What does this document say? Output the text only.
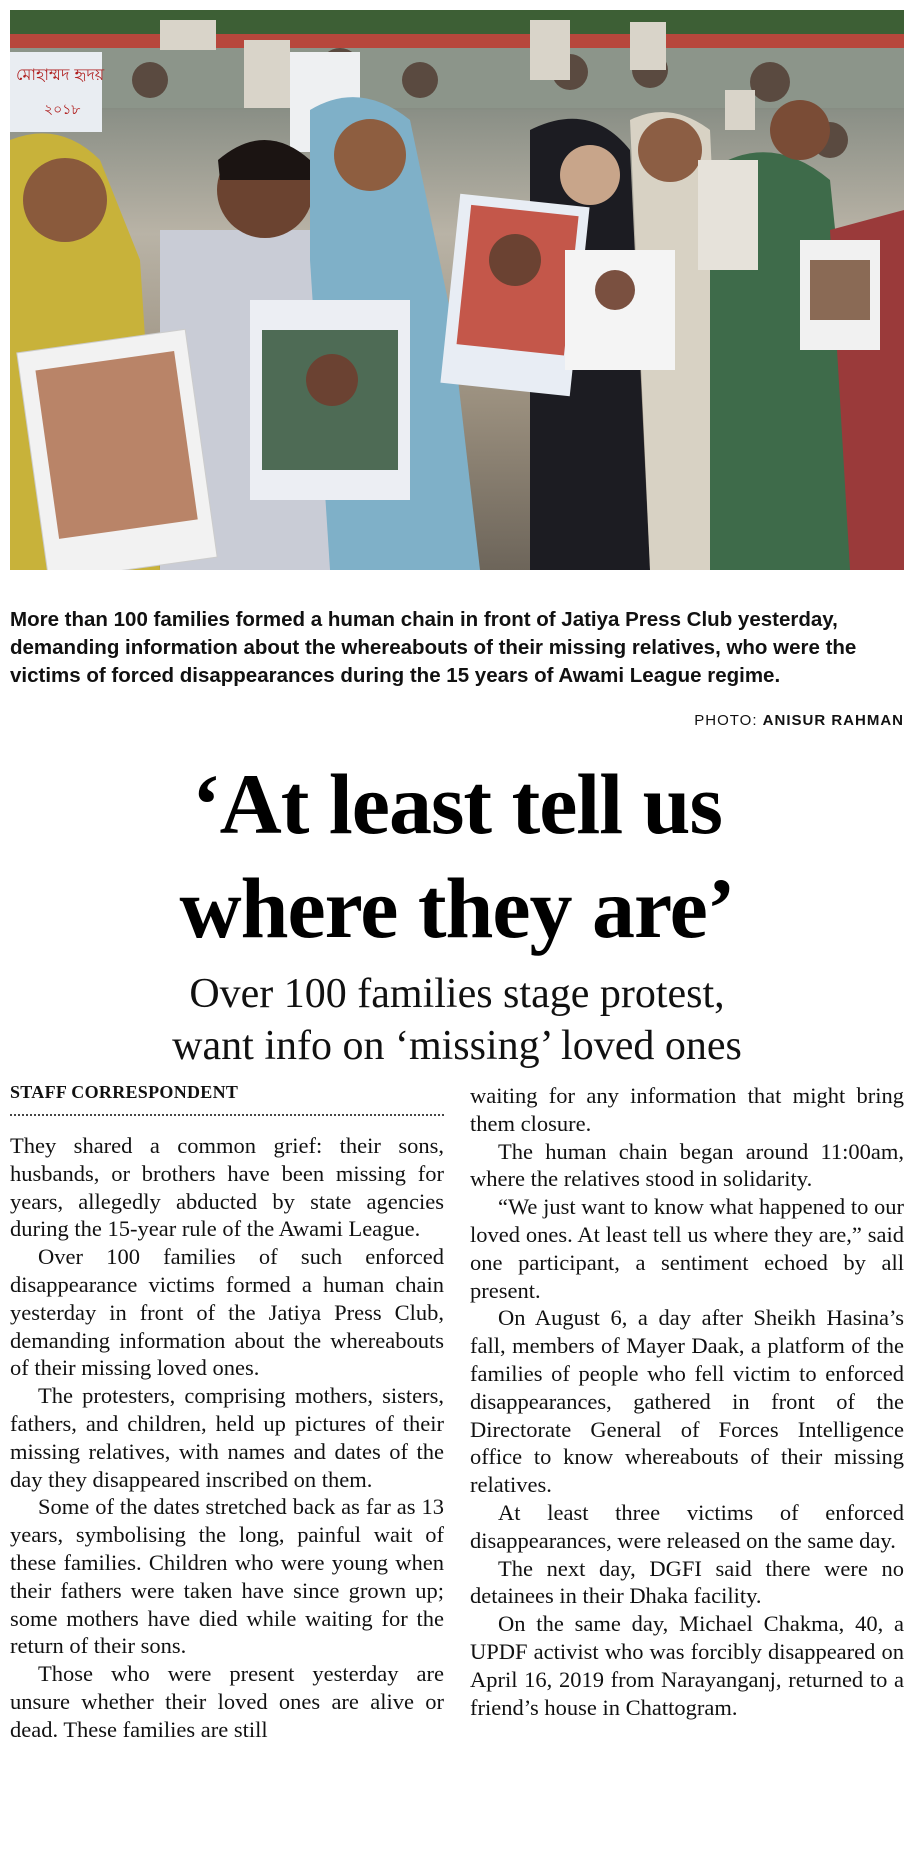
মোহাম্মদ হৃদয়
২০১৮
More than 100 families formed a human chain in front of Jatiya Press Club yesterday, demanding information about the whereabouts of their missing relatives, who were the victims of forced disappearances during the 15 years of Awami League regime.
PHOTO: ANISUR RAHMAN
‘At least tell us
where they are’
Over 100 families stage protest,
want info on ‘missing’ loved ones
STAFF CORRESPONDENT

They shared a common grief: their sons, husbands, or brothers have been missing for years, allegedly abducted by state agencies during the 15-year rule of the Awami League.

Over 100 families of such enforced disappearance victims formed a human chain yesterday in front of the Jatiya Press Club, demanding information about the whereabouts of their missing loved ones.

The protesters, comprising mothers, sisters, fathers, and children, held up pictures of their missing relatives, with names and dates of the day they disappeared inscribed on them.

Some of the dates stretched back as far as 13 years, symbolising the long, painful wait of these families. Children who were young when their fathers were taken have since grown up; some mothers have died while waiting for the return of their sons.

Those who were present yesterday are unsure whether their loved ones are alive or dead. These families are still

waiting for any information that might bring them closure.

The human chain began around 11:00am, where the relatives stood in solidarity.

“We just want to know what happened to our loved ones. At least tell us where they are,” said one participant, a sentiment echoed by all present.

On August 6, a day after Sheikh Hasina’s fall, members of Mayer Daak, a platform of the families of people who fell victim to enforced disappearances, gathered in front of the Directorate General of Forces Intelligence office to know whereabouts of their missing relatives.

At least three victims of enforced disappearances, were released on the same day.

The next day, DGFI said there were no detainees in their Dhaka facility.

On the same day, Michael Chakma, 40, a UPDF activist who was forcibly disappeared on April 16, 2019 from Narayanganj, returned to a friend’s house in Chattogram.
